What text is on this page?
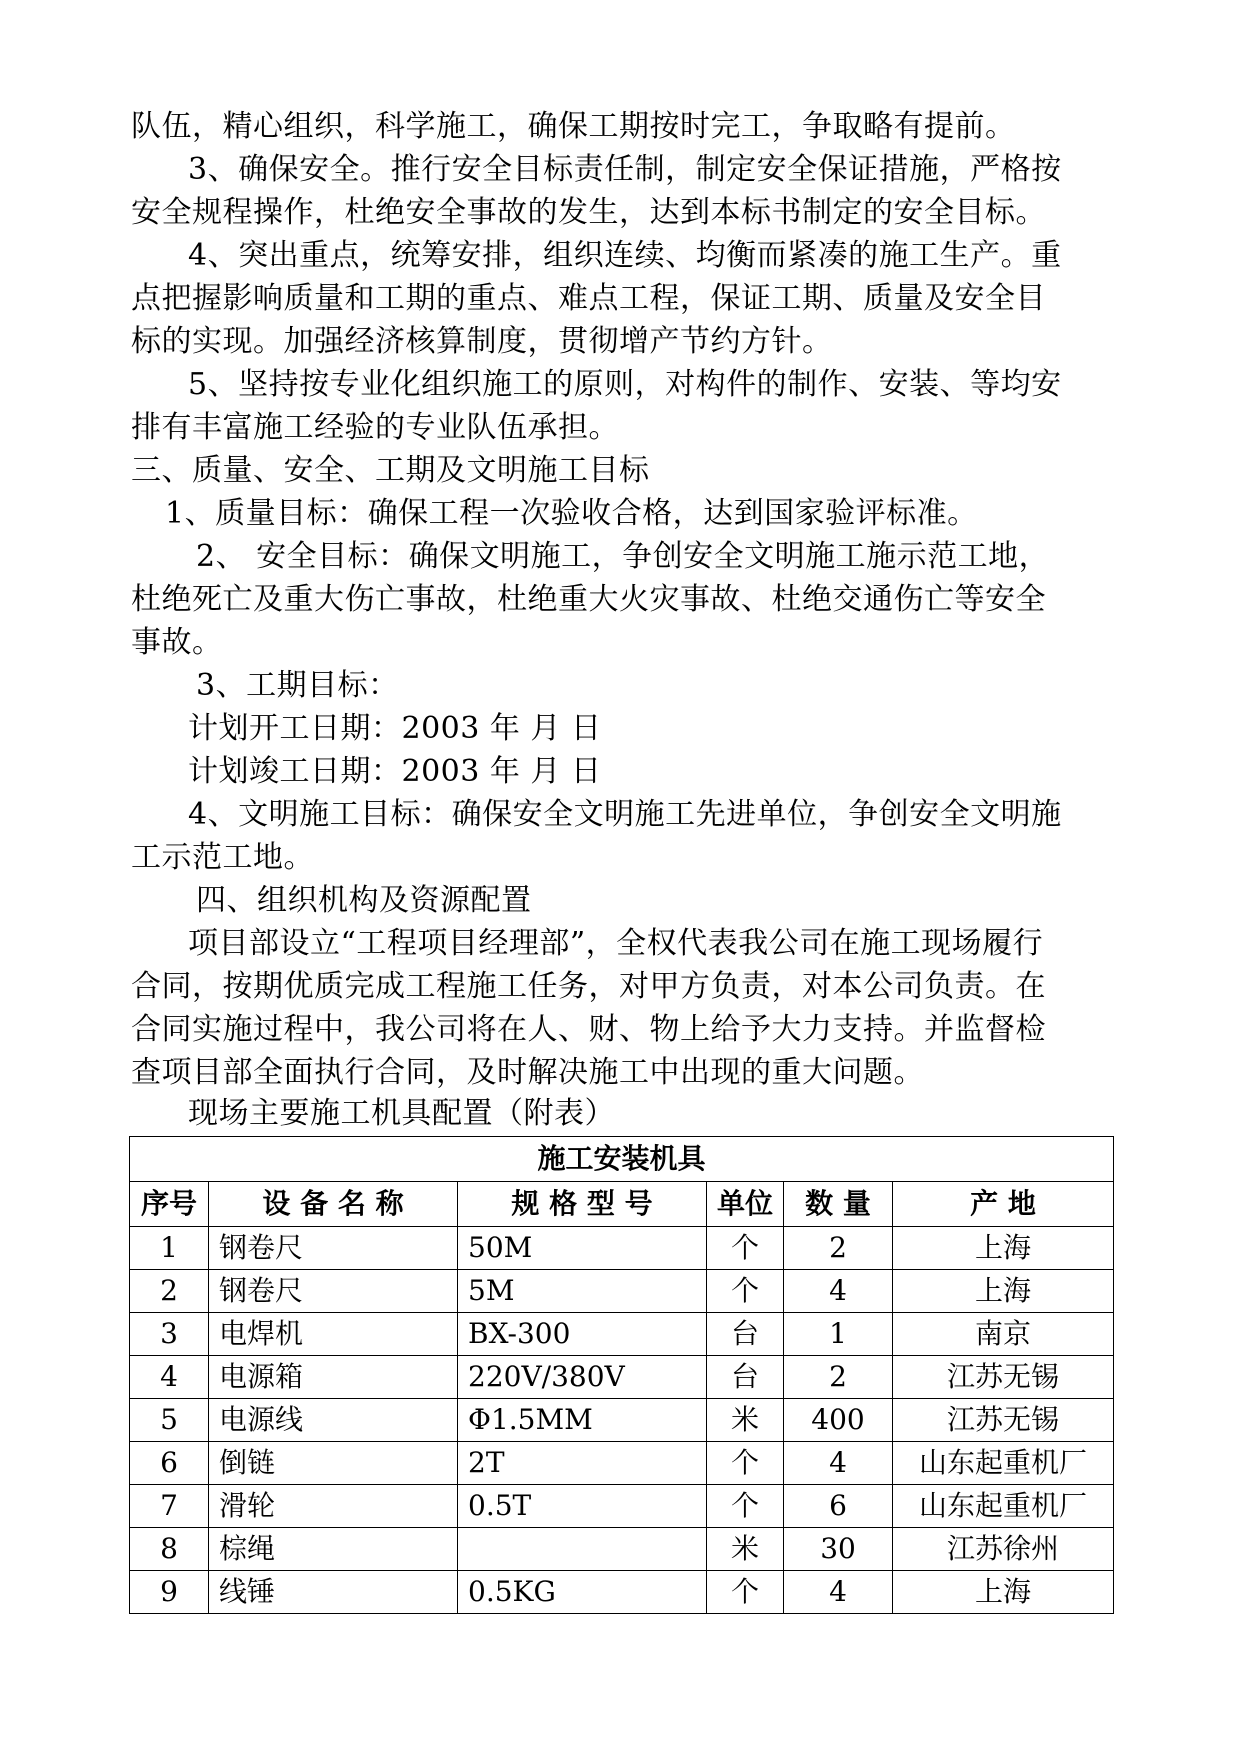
队伍，精心组织，科学施工，确保工期按时完工，争取略有提前。
3、确保安全。推行安全目标责任制，制定安全保证措施，严格按
安全规程操作，杜绝安全事故的发生，达到本标书制定的安全目标。
4、突出重点，统筹安排，组织连续、均衡而紧凑的施工生产。重
点把握影响质量和工期的重点、难点工程，保证工期、质量及安全目
标的实现。加强经济核算制度，贯彻增产节约方针。
5、坚持按专业化组织施工的原则，对构件的制作、安装、等均安
排有丰富施工经验的专业队伍承担。
三、质量、安全、工期及文明施工目标
1、质量目标：确保工程一次验收合格，达到国家验评标准。
2、 安全目标：确保文明施工，争创安全文明施工施示范工地，
杜绝死亡及重大伤亡事故，杜绝重大火灾事故、杜绝交通伤亡等安全
事故。
3、工期目标：
计划开工日期：2003 年 月 日
计划竣工日期：2003 年 月 日
4、文明施工目标：确保安全文明施工先进单位，争创安全文明施
工示范工地。
四、组织机构及资源配置
项目部设立“工程项目经理部”，全权代表我公司在施工现场履行
合同，按期优质完成工程施工任务，对甲方负责，对本公司负责。在
合同实施过程中，我公司将在人、财、物上给予大力支持。并监督检
查项目部全面执行合同，及时解决施工中出现的重大问题。
现场主要施工机具配置（附表）
施工安装机具					
序号	设 备 名 称	规 格 型 号	单位	数 量	产 地
1	钢卷尺	50M	个	2	上海
2	钢卷尺	5M	个	4	上海
3	电焊机	BX-300	台	1	南京
4	电源箱	220V/380V	台	2	江苏无锡
5	电源线	Φ1.5MM	米	400	江苏无锡
6	倒链	2T	个	4	山东起重机厂
7	滑轮	0.5T	个	6	山东起重机厂
8	棕绳		米	30	江苏徐州
9	线锤	0.5KG	个	4	上海
